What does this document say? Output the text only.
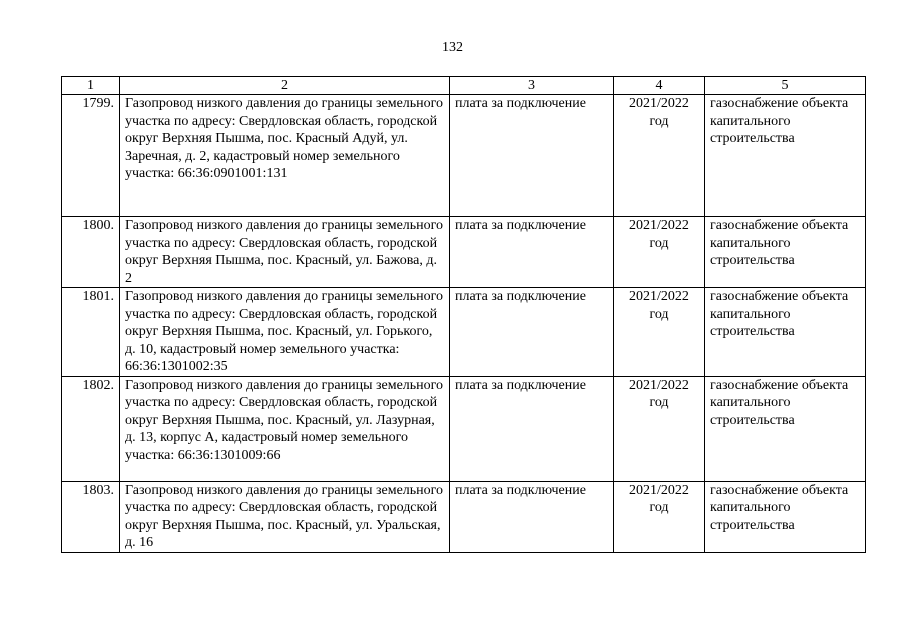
132
1	2	3	4	5
1799.	Газопровод низкого давления до границы земельного участка по адресу: Свердловская область, городской округ Верхняя Пышма, пос. Красный Адуй, ул. Заречная, д. 2, кадастровый номер земельного участка: 66:36:0901001:131	плата за подключение	2021/2022 год	газоснабжение объекта капитального строительства
1800.	Газопровод низкого давления до границы земельного участка по адресу: Свердловская область, городской округ Верхняя Пышма, пос. Красный, ул. Бажова, д. 2	плата за подключение	2021/2022 год	газоснабжение объекта капитального строительства
1801.	Газопровод низкого давления до границы земельного участка по адресу: Свердловская область, городской округ Верхняя Пышма, пос. Красный, ул. Горького, д. 10, кадастровый номер земельного участка: 66:36:1301002:35	плата за подключение	2021/2022 год	газоснабжение объекта капитального строительства
1802.	Газопровод низкого давления до границы земельного участка по адресу: Свердловская область, городской округ Верхняя Пышма, пос. Красный, ул. Лазурная, д. 13, корпус А, кадастровый номер земельного участка: 66:36:1301009:66	плата за подключение	2021/2022 год	газоснабжение объекта капитального строительства
1803.	Газопровод низкого давления до границы земельного участка по адресу: Свердловская область, городской округ Верхняя Пышма, пос. Красный, ул. Уральская, д. 16	плата за подключение	2021/2022 год	газоснабжение объекта капитального строительства
